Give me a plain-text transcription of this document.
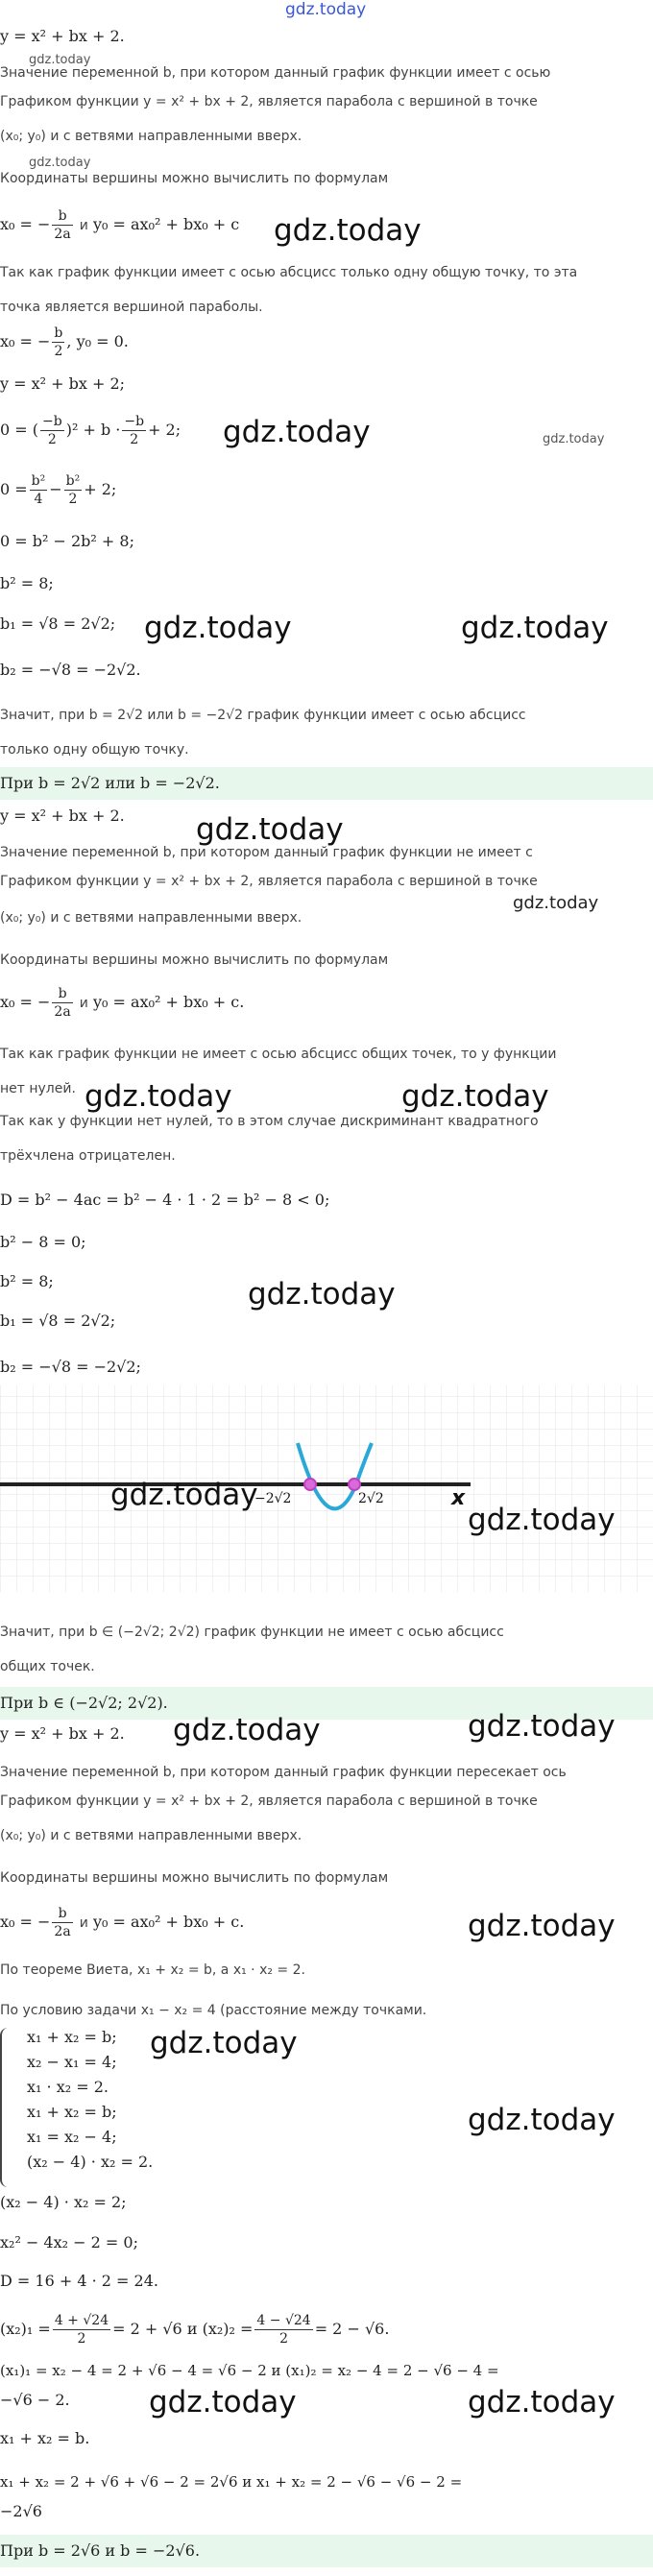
gdz.today
y = x² + bx + 2.
gdz.today
Значение переменной b, при котором данный график функции имеет с осью
Графиком функции y = x² + bx + 2, является парабола с вершиной в точке
(x₀; y₀) и с ветвями направленными вверх.
gdz.today
Координаты вершины можно вычислить по формулам
x₀ = − $\frac{b}{2a}$ и y₀ = ax₀² + bx₀ + c gdz.today
Так как график функции имеет с осью абсцисс только одну общую точку, то эта
точка является вершиной параболы.
x₀ = − $\frac{b}{2}$ , y₀ = 0.
y = x² + bx + 2;
0 = ( $\frac{-b}{2} )^2 + b \cdot \frac{-b}{2} + 2$; gdz.today	gdz.today
$0 = \frac{\text{b²}}{4} - \frac{\text{b²}}{2} + 2$;
0 = b² − 2b² + 8;
b² = 8;
b₁ = √8 = 2√2; gdz.today	gdz.today
b₂ = −√8 = −2√2.
Значит, при b = 2√2 или b = −2√2 график функции имеет с осью абсцисс
только одну общую точку.
При b = 2√2 или b = −2√2.
y = x² + bx + 2. gdz.today
Значение переменной b, при котором данный график функции не имеет с
Графиком функции y = x² + bx + 2, является парабола с вершиной в точке
gdz.today
(x₀; y₀) и с ветвями направленными вверх.
Координаты вершины можно вычислить по формулам
x₀ = − $\frac{b}{2a}$ и y₀ = ax₀² + bx₀ + c.
Так как график функции не имеет с осью абсцисс общих точек, то у функции
нет нулей. gdz.today	gdz.today
Так как у функции нет нулей, то в этом случае дискриминант квадратного
трёхчлена отрицателен.
D = b² − 4ac = b² − 4 · 1 · 2 = b² − 8 < 0;
b² − 8 = 0;
b² = 8;	gdz.today
b₁ = √8 = 2√2;
b₂ = −√8 = −2√2;
−2√2	2√2	x
gdz.today
gdz.today
Значит, при b ∈ (−2√2; 2√2) график функции не имеет с осью абсцисс
общих точек.
При b ∈ (−2√2; 2√2).
y = x² + bx + 2. gdz.today	gdz.today
Значение переменной b, при котором данный график функции пересекает ось
Графиком функции y = x² + bx + 2, является парабола с вершиной в точке
(x₀; y₀) и с ветвями направленными вверх.
Координаты вершины можно вычислить по формулам
x₀ = − $\frac{b}{2a}$ и y₀ = ax₀² + bx₀ + c.	gdz.today
По теореме Виета, x₁ + x₂ = b, а x₁ · x₂ = 2.
По условию задачи x₁ − x₂ = 4 (расстояние между точками.
x₁ + x₂ = b;
x₂ − x₁ = 4;
x₁ · x₂ = 2.
x₁ + x₂ = b;
x₁ = x₂ − 4;
(x₂ − 4) · x₂ = 2.
gdz.today
gdz.today
(x₂ − 4) · x₂ = 2;
x₂² − 4x₂ − 2 = 0;
D = 16 + 4 · 2 = 24.
$(x_2)_1 = \frac{4 + √24}{2} = 2 + √6$ и $(x_2)_2 = \frac{4 - √24}{2} = 2 - √6$.
(x₁)₁ = x₂ − 4 = 2 + √6 − 4 = √6 − 2 и (x₁)₂ = x₂ − 4 = 2 − √6 − 4 =
−√6 − 2.	gdz.today	gdz.today
x₁ + x₂ = b.
x₁ + x₂ = 2 + √6 + √6 − 2 = 2√6 и x₁ + x₂ = 2 − √6 − √6 − 2 =
−2√6
При b = 2√6 и b = −2√6.
